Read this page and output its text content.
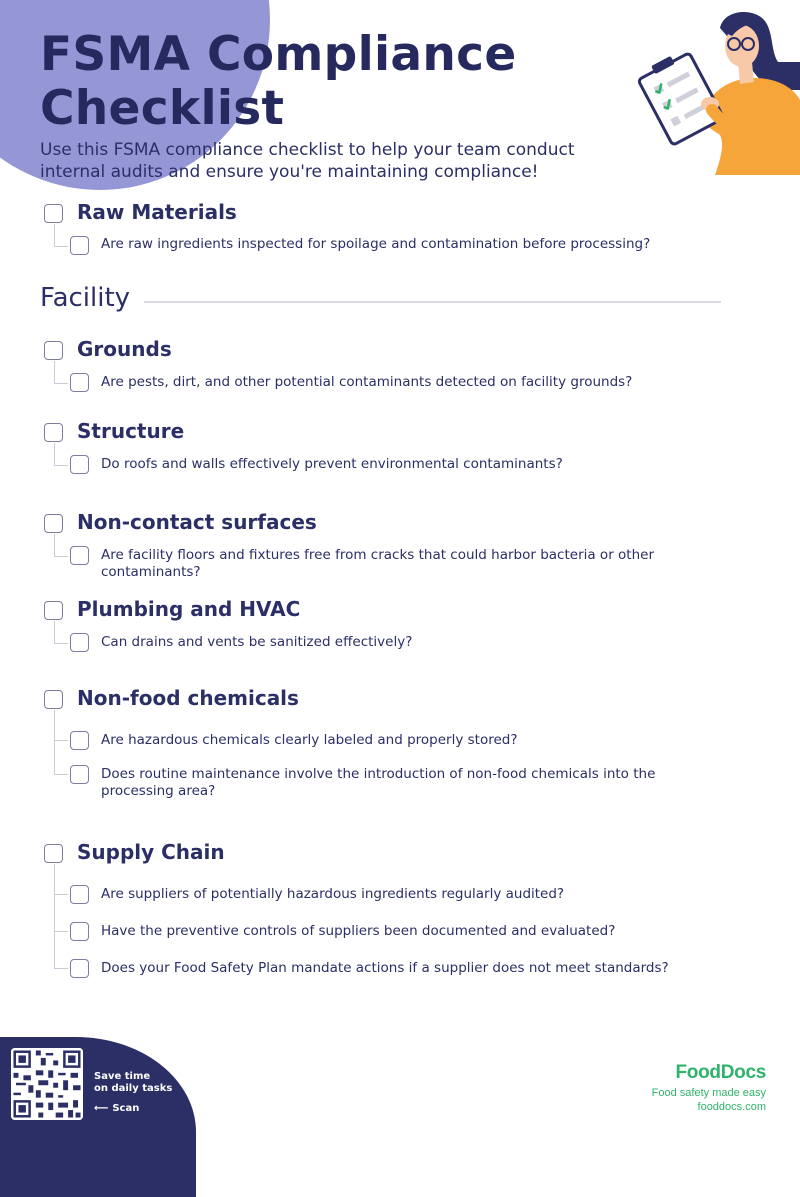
FSMA Compliance
Checklist

Use this FSMA compliance checklist to help your team conduct internal audits and ensure you're maintaining compliance!

Raw Materials
Are raw ingredients inspected for spoilage and contamination before processing?
Facility
Grounds
Are pests, dirt, and other potential contaminants detected on facility grounds?
Structure
Do roofs and walls effectively prevent environmental contaminants?
Non-contact surfaces
Are facility floors and fixtures free from cracks that could harbor bacteria or other contaminants?
Plumbing and HVAC
Can drains and vents be sanitized effectively?
Non-food chemicals
Are hazardous chemicals clearly labeled and properly stored?
Does routine maintenance involve the introduction of non-food chemicals into the processing area?
Supply Chain
Are suppliers of potentially hazardous ingredients regularly audited?
Have the preventive controls of suppliers been documented and evaluated?
Does your Food Safety Plan mandate actions if a supplier does not meet standards?
Save time
on daily tasks
⟵ Scan
FoodDocs
Food safety made easy
fooddocs.com
